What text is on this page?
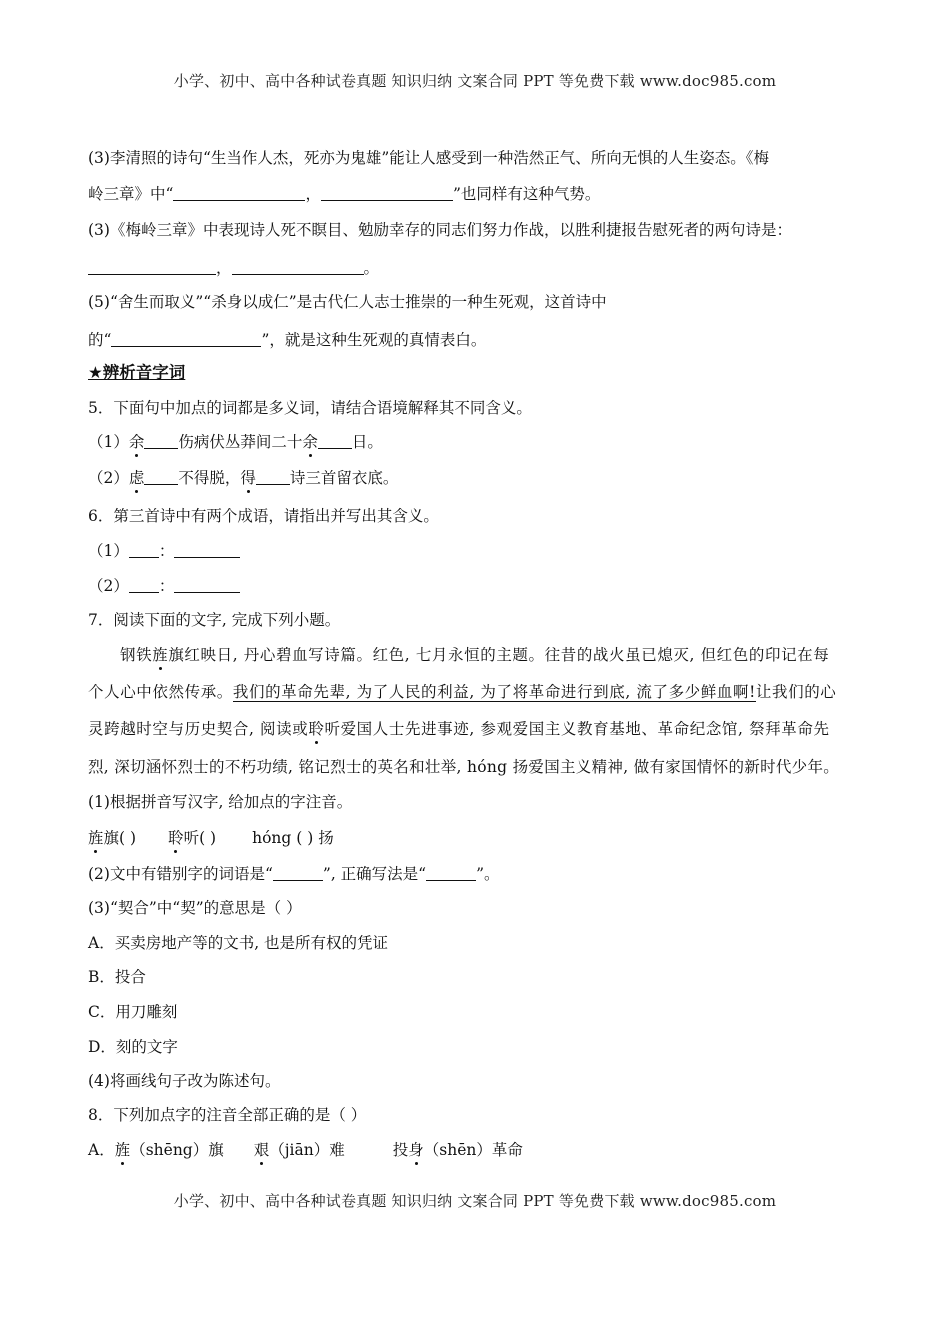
小学、初中、高中各种试卷真题 知识归纳 文案合同 PPT 等免费下载 www.doc985.com
(3)李清照的诗句“生当作人杰，死亦为鬼雄”能让人感受到一种浩然正气、所向无惧的人生姿态。《梅
岭三章》中“	，	”也同样有这种气势。
(3)《梅岭三章》中表现诗人死不瞑目、勉励幸存的同志们努力作战，以胜利捷报告慰死者的两句诗是：
，	。
(5)“舍生而取义”“杀身以成仁”是古代仁人志士推崇的一种生死观，这首诗中
的“	”，就是这种生死观的真情表白。
★辨析音字词
5．下面句中加点的词都是多义词，请结合语境解释其不同含义。
（1）余 伤病伏丛莽间二十余 日。
（2）虑 不得脱，得 诗三首留衣底。
6．第三首诗中有两个成语，请指出并写出其含义。
（1） ：
（2） ：
7．阅读下面的文字, 完成下列小题。
钢铁旌旗红映日, 丹心碧血写诗篇。红色, 七月永恒的主题。往昔的战火虽已熄灭, 但红色的印记在每
个人心中依然传承。我们的革命先辈, 为了人民的利益, 为了将革命进行到底, 流了多少鲜血啊!让我们的心
灵跨越时空与历史契合, 阅读或聆听爱国人士先进事迹, 参观爱国主义教育基地、革命纪念馆, 祭拜革命先
烈, 深切涵怀烈士的不朽功绩, 铭记烈士的英名和壮举, hóng 扬爱国主义精神, 做有家国情怀的新时代少年。
(1)根据拼音写汉字, 给加点的字注音。
旌旗( ) 聆听( ) hóng ( ) 扬
(2)文中有错别字的词语是“	”, 正确写法是“	”。
(3)“契合”中“契”的意思是（ ）
A．买卖房地产等的文书, 也是所有权的凭证
B．投合
C．用刀雕刻
D．刻的文字
(4)将画线句子改为陈述句。
8．下列加点字的注音全部正确的是（ ）
A．旌（shēng）旗 艰（jiān）难	投身（shēn）革命
小学、初中、高中各种试卷真题 知识归纳 文案合同 PPT 等免费下载 www.doc985.com
